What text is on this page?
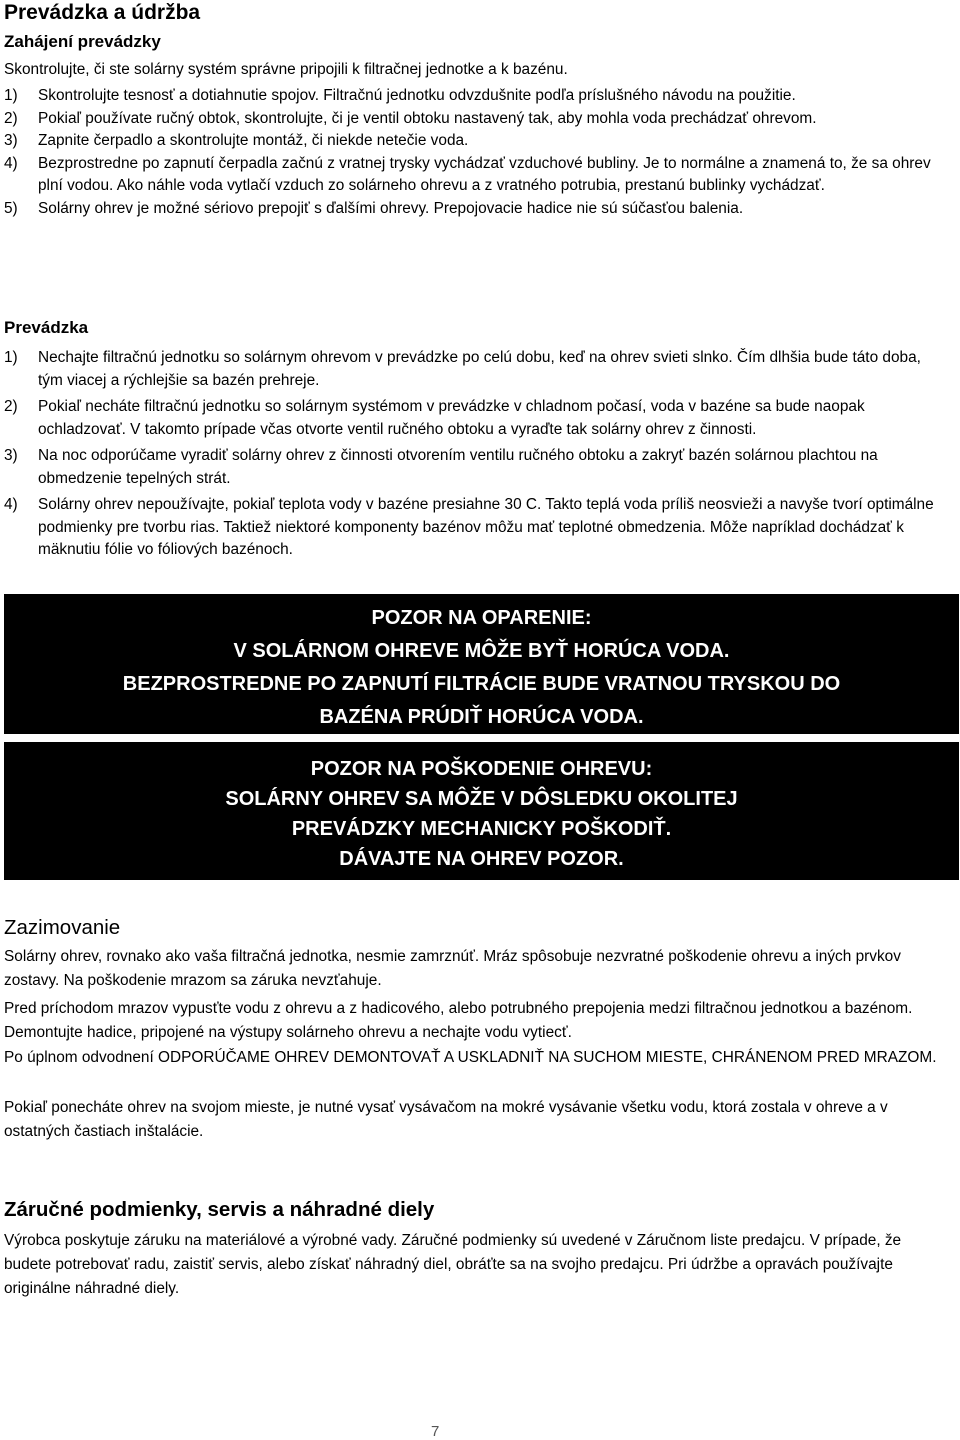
Prevádzka a údržba
Zahájení prevádzky
Skontrolujte, či ste solárny systém správne pripojili k filtračnej jednotke a k bazénu.
1)	Skontrolujte tesnosť a dotiahnutie spojov. Filtračnú jednotku odvzdušnite podľa príslušného návodu na použitie.
2)	Pokiaľ používate ručný obtok, skontrolujte, či je ventil obtoku nastavený tak, aby mohla voda prechádzať ohrevom.
3)	Zapnite čerpadlo a skontrolujte montáž, či niekde netečie voda.
4)	Bezprostredne po zapnutí čerpadla začnú z vratnej trysky vychádzať vzduchové bubliny. Je to normálne a znamená to, že sa ohrev plní vodou. Ako náhle voda vytlačí vzduch zo solárneho ohrevu a z vratného potrubia, prestanú bublinky vychádzať.
5)	Solárny ohrev je možné sériovo prepojiť s ďalšími ohrevy. Prepojovacie hadice nie sú súčasťou balenia.
Prevádzka
1)	Nechajte filtračnú jednotku so solárnym ohrevom v prevádzke po celú dobu, keď na ohrev svieti slnko. Čím dlhšia bude táto doba, tým viacej a rýchlejšie sa bazén prehreje.
2)	Pokiaľ necháte filtračnú jednotku so solárnym systémom v prevádzke v chladnom počasí, voda v bazéne sa bude naopak ochladzovať. V takomto prípade včas otvorte ventil ručného obtoku a vyraďte tak solárny ohrev z činnosti.
3)	Na noc odporúčame vyradiť solárny ohrev z činnosti otvorením ventilu ručného obtoku a zakryť bazén solárnou plachtou na obmedzenie tepelných strát.
4)	Solárny ohrev nepoužívajte, pokiaľ teplota vody v bazéne presiahne 30 C. Takto teplá voda príliš neosvieži a navyše tvorí optimálne podmienky pre tvorbu rias. Taktiež niektoré komponenty bazénov môžu mať teplotné obmedzenia. Môže napríklad dochádzať k mäknutiu fólie vo fóliových bazénoch.
POZOR NA OPARENIE:
V SOLÁRNOM OHREVE MÔŽE BYŤ HORÚCA VODA.
BEZPROSTREDNE PO ZAPNUTÍ FILTRÁCIE BUDE VRATNOU TRYSKOU DO
BAZÉNA PRÚDIŤ HORÚCA VODA.
POZOR NA POŠKODENIE OHREVU:
SOLÁRNY OHREV SA MÔŽE V DÔSLEDKU OKOLITEJ
PREVÁDZKY MECHANICKY POŠKODIŤ.
DÁVAJTE NA OHREV POZOR.
Zazimovanie
Solárny ohrev, rovnako ako vaša filtračná jednotka, nesmie zamrznúť. Mráz spôsobuje nezvratné poškodenie ohrevu a iných prvkov zostavy. Na poškodenie mrazom sa záruka nevzťahuje.
Pred príchodom mrazov vypusťte vodu z ohrevu a z hadicového, alebo potrubného prepojenia medzi filtračnou jednotkou a bazénom. Demontujte hadice, pripojené na výstupy solárneho ohrevu a nechajte vodu vytiecť.
Po úplnom odvodnení ODPORÚČAME OHREV DEMONTOVAŤ A USKLADNIŤ NA SUCHOM MIESTE, CHRÁNENOM PRED MRAZOM.
Pokiaľ ponecháte ohrev na svojom mieste, je nutné vysať vysávačom na mokré vysávanie všetku vodu, ktorá zostala v ohreve a v ostatných častiach inštalácie.
Záručné podmienky, servis a náhradné diely
Výrobca poskytuje záruku na materiálové a výrobné vady. Záručné podmienky sú uvedené v Záručnom liste predajcu. V prípade, že budete potrebovať radu, zaistiť servis, alebo získať náhradný diel, obráťte sa na svojho predajcu. Pri údržbe a opravách používajte originálne náhradné diely.
7
